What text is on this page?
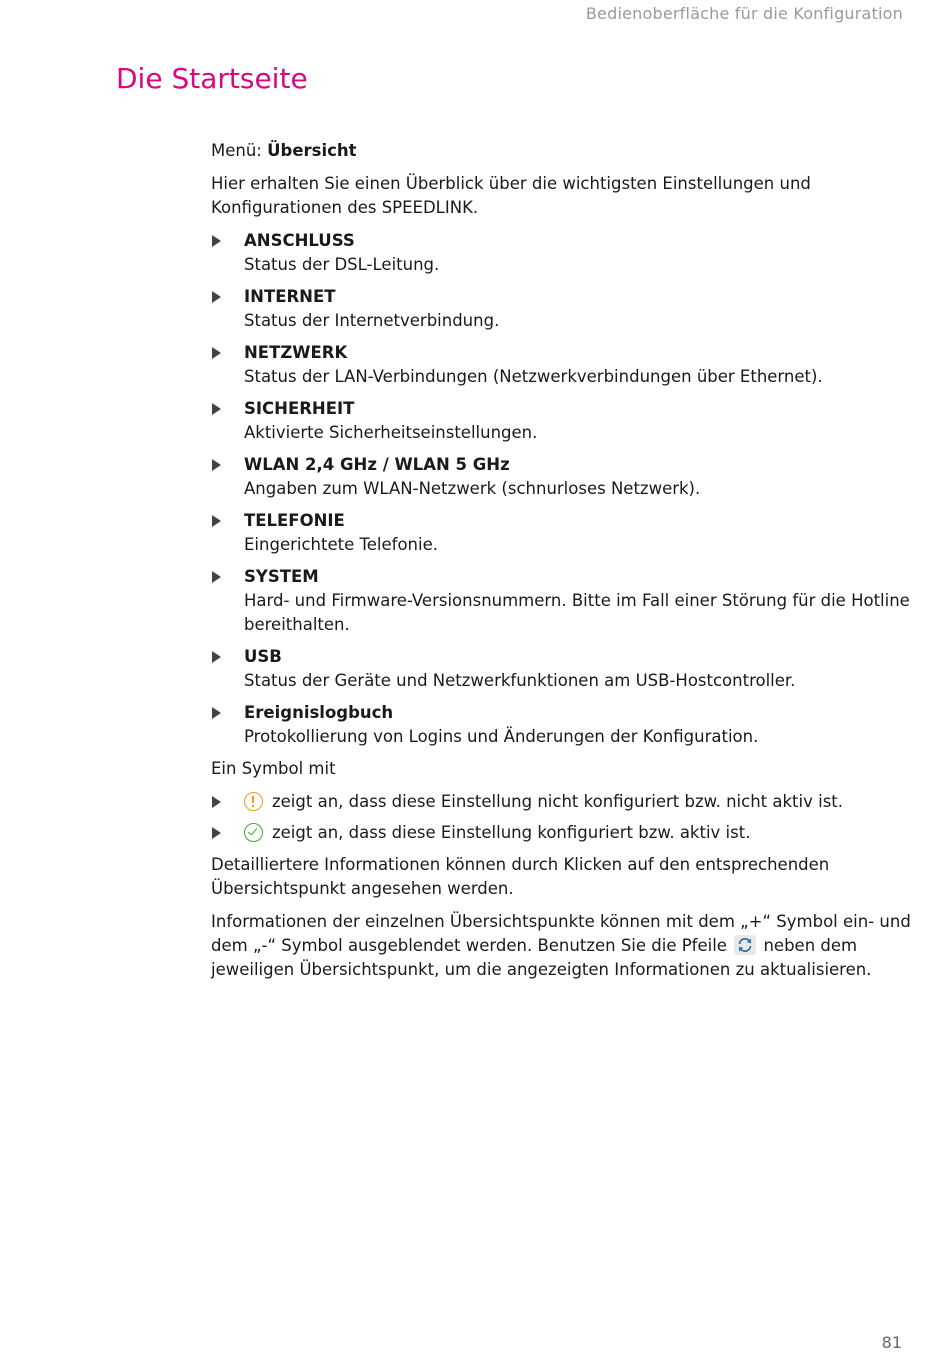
Bedienoberfläche für die Konfiguration
Die Startseite

Menü: Übersicht

Hier erhalten Sie einen Überblick über die wichtigsten Einstellungen und Konfigurationen des SPEEDLINK.

ANSCHLUSS
Status der DSL-Leitung.
INTERNET
Status der Internetverbindung.
NETZWERK
Status der LAN-Verbindungen (Netzwerkverbindungen über Ethernet).
SICHERHEIT
Aktivierte Sicherheitseinstellungen.
WLAN 2,4 GHz / WLAN 5 GHz
Angaben zum WLAN-Netzwerk (schnurloses Netzwerk).
TELEFONIE
Eingerichtete Telefonie.
SYSTEM
Hard- und Firmware-Versionsnummern. Bitte im Fall einer Störung für die Hotline bereithalten.
USB
Status der Geräte und Netzwerkfunktionen am USB-Hostcontroller.
Ereignislogbuch
Protokollierung von Logins und Änderungen der Konfiguration.

Ein Symbol mit

zeigt an, dass diese Einstellung nicht konfiguriert bzw. nicht aktiv ist.
zeigt an, dass diese Einstellung konfiguriert bzw. aktiv ist.

Detailliertere Informationen können durch Klicken auf den entsprechenden Übersichtspunkt angesehen werden.

Informationen der einzelnen Übersichtspunkte können mit dem „+“ Symbol ein- und dem „-“ Symbol ausgeblendet werden. Benutzen Sie die Pfeile neben dem jeweiligen Übersichtspunkt, um die angezeigten Informationen zu aktualisieren.

81
